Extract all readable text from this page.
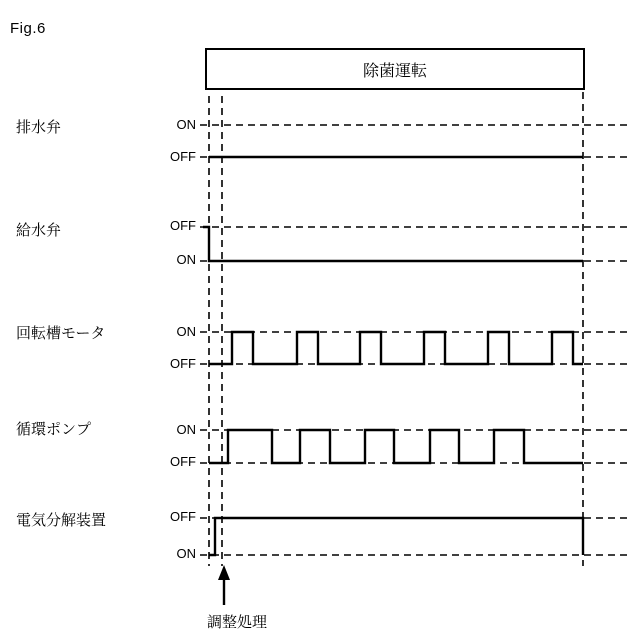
Fig.6
除菌運転
排水弁
給水弁
回転槽モータ
循環ポンプ
電気分解装置
ON
OFF
OFF
ON
ON
OFF
ON
OFF
OFF
ON
調整処理
